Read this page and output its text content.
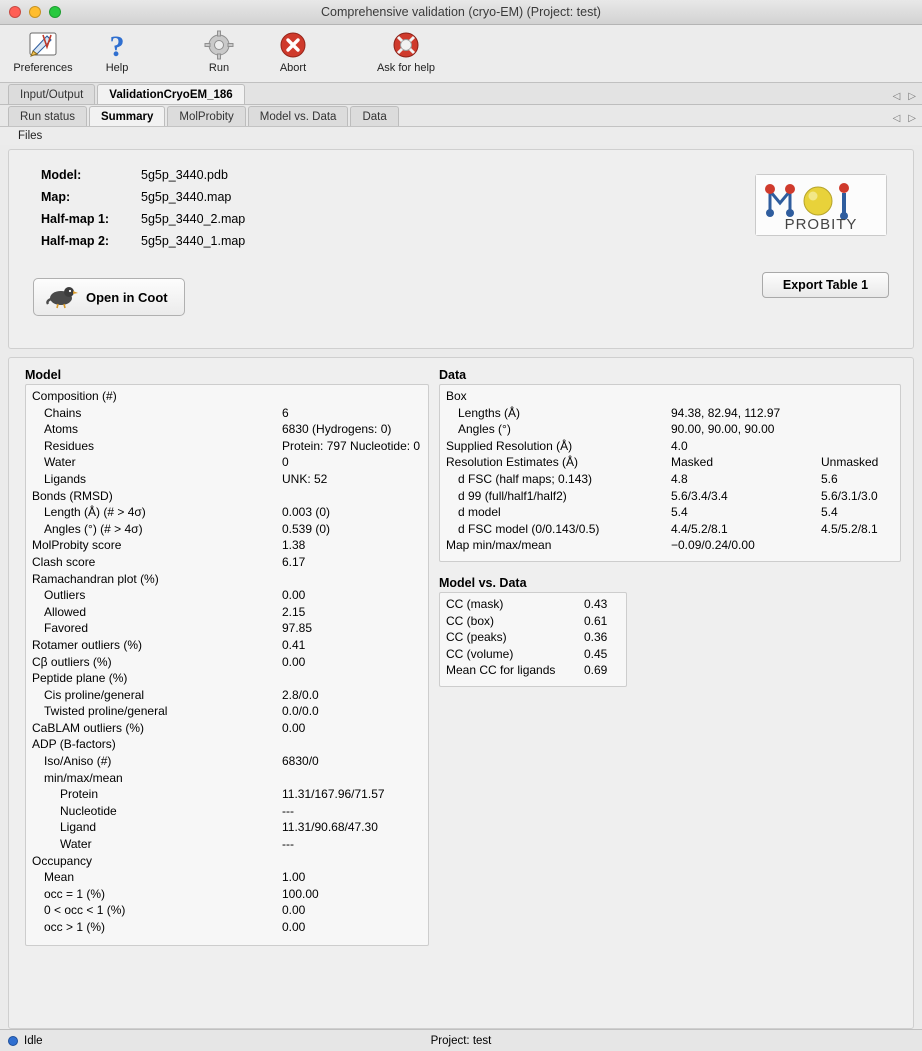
Comprehensive validation (cryo-EM) (Project: test)
Preferences
?
Help	Run	Abort	Ask for help
Input/Output	ValidationCryoEM_186	◁ ▷
Run status	Summary	MolProbity	Model vs. Data	Data	◁ ▷
Files
Model:	5g5p_3440.pdb
Map:	5g5p_3440.map
Half-map 1:	5g5p_3440_2.map
Half-map 2:	5g5p_3440_1.map
PROBITY
Open in Coot
Export Table 1
Model
Composition (#)	
Chains	6
Atoms	6830 (Hydrogens: 0)
Residues	Protein: 797 Nucleotide: 0
Water	0
Ligands	UNK: 52
Bonds (RMSD)	
Length (Å) (# > 4σ)	0.003 (0)
Angles (°) (# > 4σ)	0.539 (0)
MolProbity score	1.38
Clash score	6.17
Ramachandran plot (%)	
Outliers	0.00
Allowed	2.15
Favored	97.85
Rotamer outliers (%)	0.41
Cβ outliers (%)	0.00
Peptide plane (%)	
Cis proline/general	2.8/0.0
Twisted proline/general	0.0/0.0
CaBLAM outliers (%)	0.00
ADP (B-factors)	
Iso/Aniso (#)	6830/0
min/max/mean	
Protein	11.31/167.96/71.57
Nucleotide	---
Ligand	11.31/90.68/47.30
Water	---
Occupancy	
Mean	1.00
occ = 1 (%)	100.00
0 < occ < 1 (%)	0.00
occ > 1 (%)	0.00
Data
Box		
Lengths (Å)	94.38, 82.94, 112.97	
Angles (°)	90.00, 90.00, 90.00	
Supplied Resolution (Å)	4.0	
Resolution Estimates (Å)	Masked	Unmasked
d FSC (half maps; 0.143)	4.8	5.6
d 99 (full/half1/half2)	5.6/3.4/3.4	5.6/3.1/3.0
d model	5.4	5.4
d FSC model (0/0.143/0.5)	4.4/5.2/8.1	4.5/5.2/8.1
Map min/max/mean	−0.09/0.24/0.00	
Model vs. Data
CC (mask)	0.43
CC (box)	0.61
CC (peaks)	0.36
CC (volume)	0.45
Mean CC for ligands	0.69
Idle	Project: test
